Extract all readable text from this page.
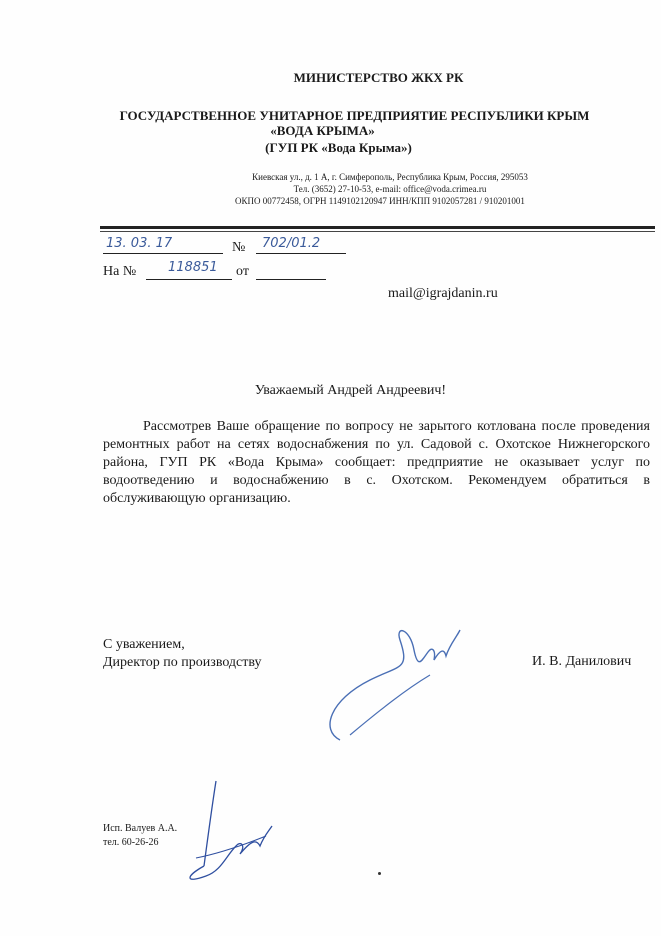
МИНИСТЕРСТВО ЖКХ РК
ГОСУДАРСТВЕННОЕ УНИТАРНОЕ ПРЕДПРИЯТИЕ РЕСПУБЛИКИ КРЫМ
«ВОДА КРЫМА»
(ГУП РК «Вода Крыма»)
Киевская ул., д. 1 А, г. Симферополь, Республика Крым, Россия, 295053
Тел. (3652) 27-10-53, e-mail: office@voda.crimea.ru
ОКПО 00772458, ОГРН 1149102120947 ИНН/КПП 9102057281 / 910201001
13. 03. 17	№ 702/01.2
На № 118851 от
mail@igrajdanin.ru
Уважаемый Андрей Андреевич!

Рассмотрев Ваше обращение по вопросу не зарытого котлована после проведения ремонтных работ на сетях водоснабжения по ул. Садовой с. Охотское Нижнегорского района, ГУП РК «Вода Крыма» сообщает: предприятие не оказывает услуг по водоотведению и водоснабжению в с. Охотском. Рекомендуем обратиться в обслуживающую организацию.

С уважением,
Директор по производству	И. В. Данилович
Исп. Валуев А.А.
тел. 60-26-26
